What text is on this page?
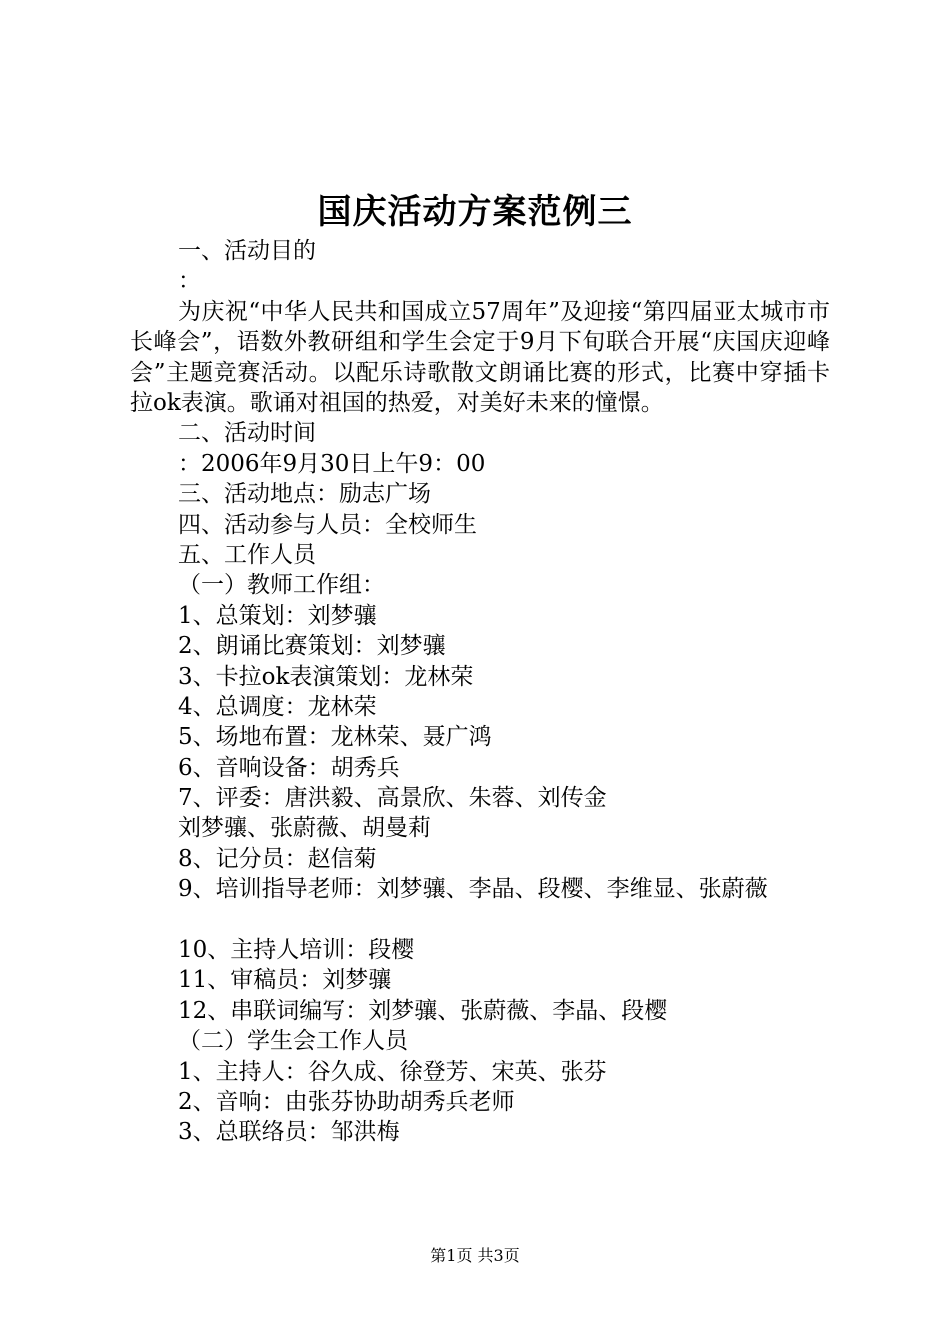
国庆活动方案范例三
一、活动目的
：
为庆祝“中华人民共和国成立57周年”及迎接“第四届亚太城市市长峰会”，语数外教研组和学生会定于9月下旬联合开展“庆国庆迎峰会”主题竞赛活动。以配乐诗歌散文朗诵比赛的形式，比赛中穿插卡拉ok表演。歌诵对祖国的热爱，对美好未来的憧憬。
二、活动时间
：2006年9月30日上午9：00
三、活动地点：励志广场
四、活动参与人员：全校师生
五、工作人员
（一）教师工作组：
1、总策划：刘梦骧
2、朗诵比赛策划：刘梦骧
3、卡拉ok表演策划：龙林荣
4、总调度：龙林荣
5、场地布置：龙林荣、聂广鸿
6、音响设备：胡秀兵
7、评委：唐洪毅、高景欣、朱蓉、刘传金
刘梦骧、张蔚薇、胡曼莉
8、记分员：赵信菊
9、培训指导老师：刘梦骧、李晶、段樱、李维显、张蔚薇
10、主持人培训：段樱
11、审稿员：刘梦骧
12、串联词编写：刘梦骧、张蔚薇、李晶、段樱
（二）学生会工作人员
1、主持人：谷久成、徐登芳、宋英、张芬
2、音响：由张芬协助胡秀兵老师
3、总联络员：邹洪梅
第1页 共3页
